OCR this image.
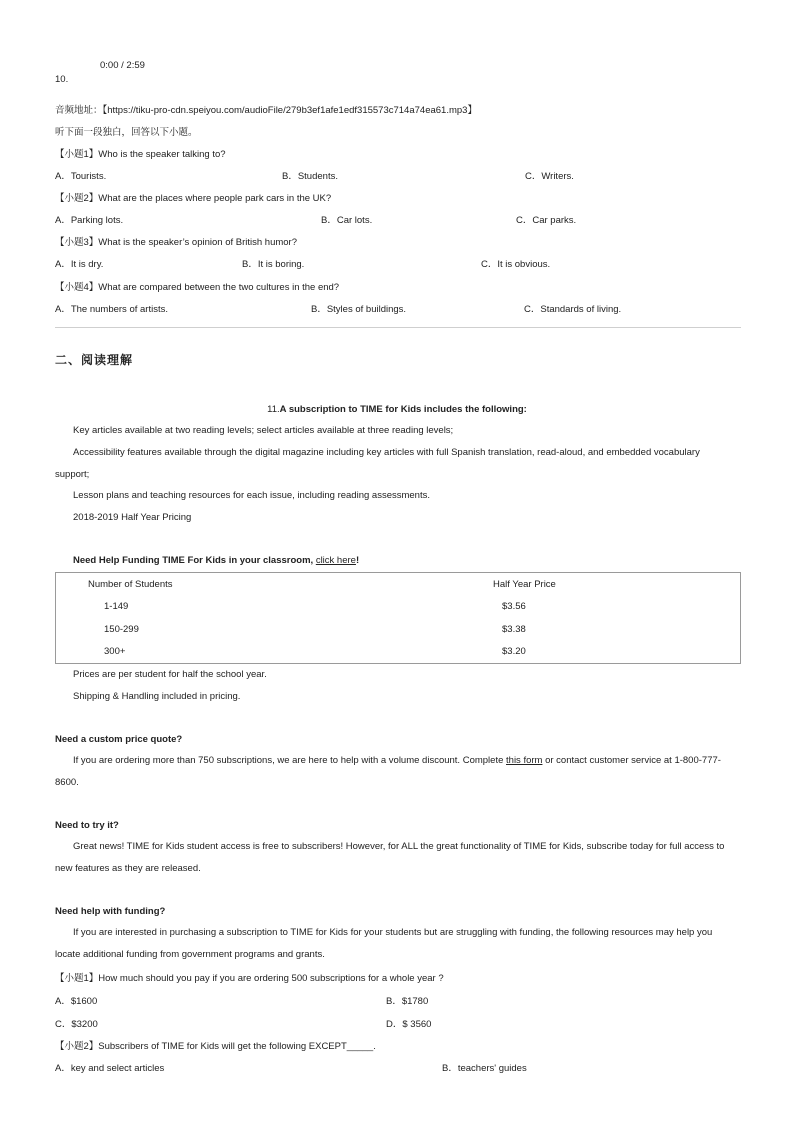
0:00 / 2:59
10.
音频地址：【https://tiku-pro-cdn.speiyou.com/audioFile/279b3ef1afe1edf315573c714a74ea61.mp3】
听下面一段独白，回答以下小题。
【小题1】Who is the speaker talking to?
A．Tourists.	B．Students.	C．Writers.
【小题2】What are the places where people park cars in the UK?
A．Parking lots.	B．Car lots.	C．Car parks.
【小题3】What is the speaker’s opinion of British humor?
A．It is dry.	B．It is boring.	C．It is obvious.
【小题4】What are compared between the two cultures in the end?
A．The numbers of artists.	B．Styles of buildings.	C．Standards of living.
二、阅读理解
11.A subscription to TIME for Kids includes the following:
Key articles available at two reading levels; select articles available at three reading levels;
Accessibility features available through the digital magazine including key articles with full Spanish translation, read-aloud, and embedded vocabulary support;
Lesson plans and teaching resources for each issue, including reading assessments.
2018-2019 Half Year Pricing
Need Help Funding TIME For Kids in your classroom, click here!
Number of Students	Half Year Price
1-149	$3.56
150-299	$3.38
300+	$3.20
Prices are per student for half the school year.
Shipping & Handling included in pricing.
Need a custom price quote?
If you are ordering more than 750 subscriptions, we are here to help with a volume discount. Complete this form or contact customer service at 1-800-777-8600.
Need to try it?
Great news! TIME for Kids student access is free to subscribers! However, for ALL the great functionality of TIME for Kids, subscribe today for full access to new features as they are released.
Need help with funding?
If you are interested in purchasing a subscription to TIME for Kids for your students but are struggling with funding, the following resources may help you locate additional funding from government programs and grants.
【小题1】How much should you pay if you are ordering 500 subscriptions for a whole year ?
A．$1600	B．$1780
C．$3200	D．$ 3560
【小题2】Subscribers of TIME for Kids will get the following EXCEPT_____.
A．key and select articles	B．teachers' guides
